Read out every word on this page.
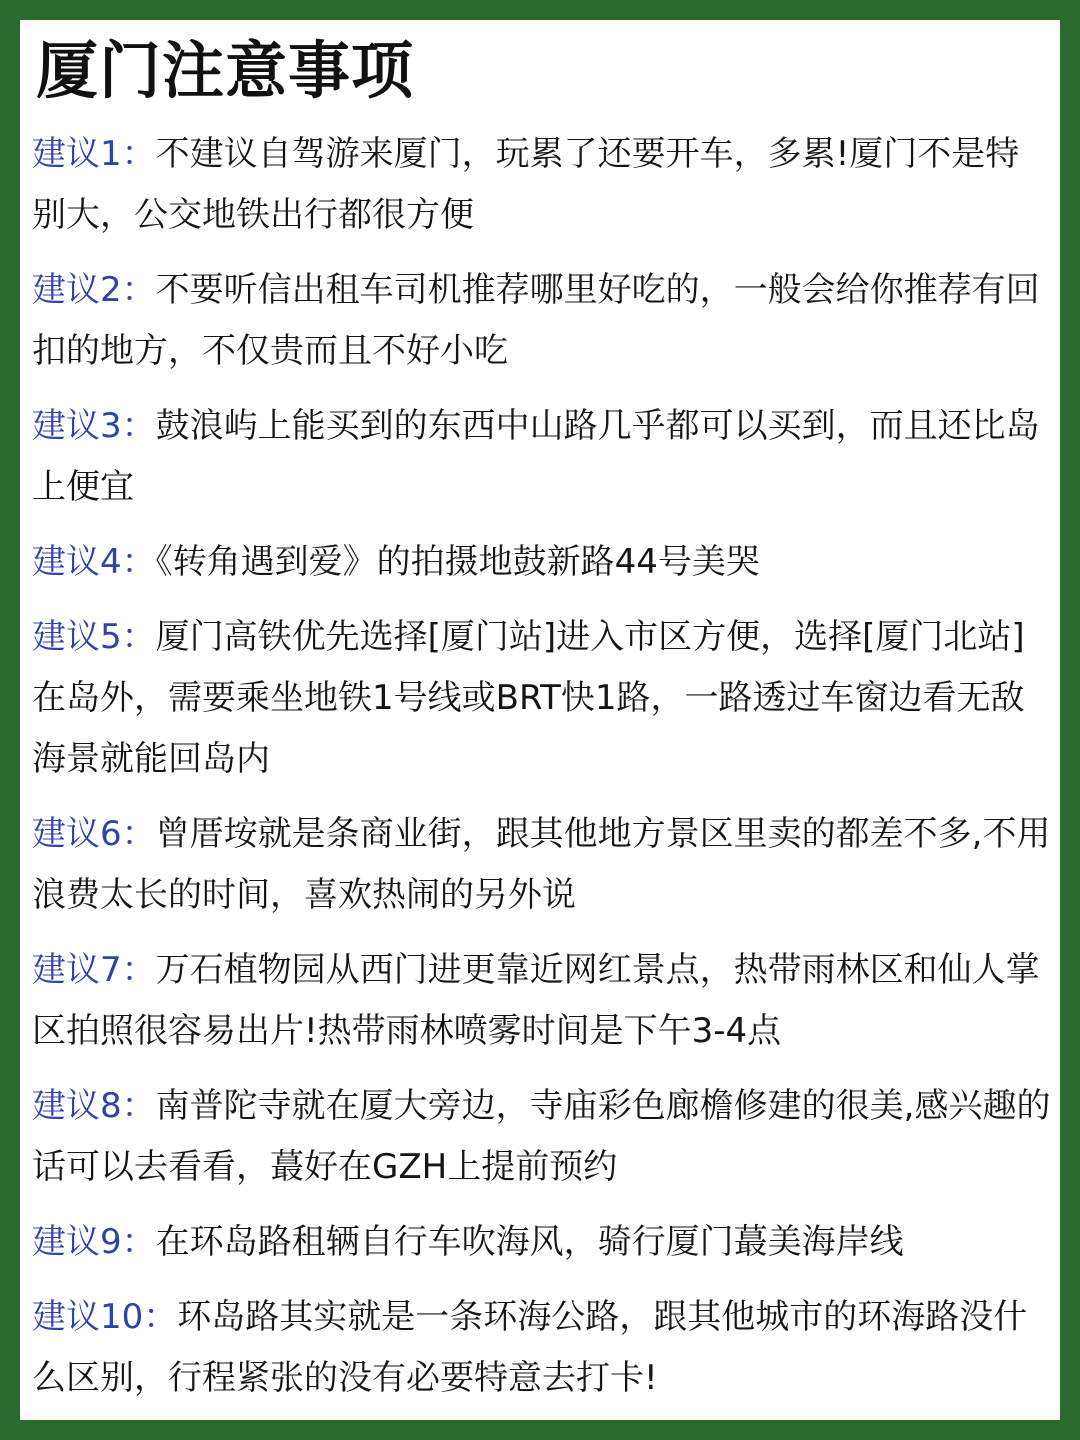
厦门注意事项

建议1：不建议自驾游来厦门，玩累了还要开车，多累!厦门不是特别大，公交地铁出行都很方便

建议2：不要听信出租车司机推荐哪里好吃的，一般会给你推荐有回扣的地方，不仅贵而且不好小吃

建议3：鼓浪屿上能买到的东西中山路几乎都可以买到，而且还比岛上便宜

建议4：《转角遇到爱》的拍摄地鼓新路44号美哭

建议5：厦门高铁优先选择[厦门站]进入市区方便，选择[厦门北站]在岛外，需要乘坐地铁1号线或BRT快1路，一路透过车窗边看无敌海景就能回岛内

建议6：曾厝垵就是条商业街，跟其他地方景区里卖的都差不多,不用浪费太长的时间，喜欢热闹的另外说

建议7：万石植物园从西门进更靠近网红景点，热带雨林区和仙人掌区拍照很容易出片!热带雨林喷雾时间是下午3-4点

建议8：南普陀寺就在厦大旁边，寺庙彩色廊檐修建的很美,感兴趣的话可以去看看，蕞好在GZH上提前预约

建议9：在环岛路租辆自行车吹海风，骑行厦门蕞美海岸线

建议10：环岛路其实就是一条环海公路，跟其他城市的环海路没什么区别，行程紧张的没有必要特意去打卡!
